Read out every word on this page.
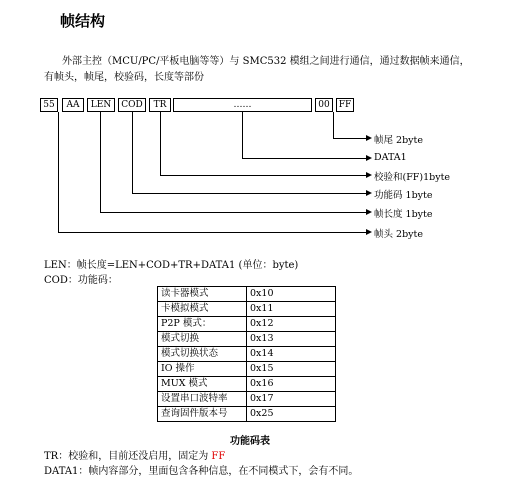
帧结构
外部主控（MCU/PC/平板电脑等等）与 SMC532 模组之间进行通信，通过数据帧来通信，
有帧头，帧尾，校验码，长度等部份
55	AA	LEN	COD	TR	……	00	FF
帧尾 2byte
DATA1
校验和(FF)1byte
功能码 1byte
帧长度 1byte
帧头 2byte
LEN：帧长度=LEN+COD+TR+DATA1 (单位：byte)
COD：功能码：
读卡器模式	0x10
卡模拟模式	0x11
P2P 模式：	0x12
模式切换	0x13
模式切换状态	0x14
IO 操作	0x15
MUX 模式	0x16
设置串口波特率	0x17
查询固件版本号	0x25
功能码表
TR：校验和，目前还没启用，固定为 FF
DATA1：帧内容部分，里面包含各种信息，在不同模式下，会有不同。
